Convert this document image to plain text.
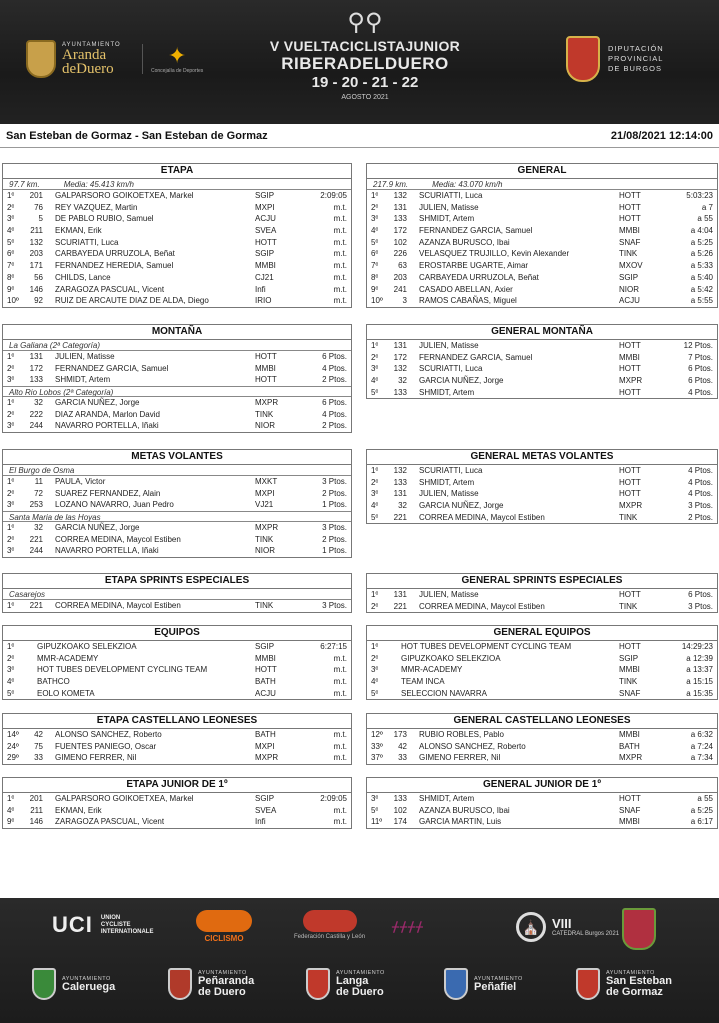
AYUNTAMIENTO
Aranda
deDuero
✦
Concejalía de Deportes
⚲⚲
V VUELTACICLISTAJUNIOR
RIBERADELDUERO
19 - 20 - 21 - 22
AGOSTO 2021
DIPUTACIÓN
PROVINCIAL
DE BURGOS
San Esteban de Gormaz - San Esteban de Gormaz	21/08/2021 12:14:00
ETAPA
97.7 km.	Media: 45.413 km/h
1º	201 GALPARSORO GOIKOETXEA, Markel	SGIP	2:09:05
2º	76 REY VAZQUEZ, Martin	MXPI	m.t.
3º	5 DE PABLO RUBIO, Samuel	ACJU	m.t.
4º	211 EKMAN, Erik	SVEA	m.t.
5º	132 SCURIATTI, Luca	HOTT	m.t.
6º	203 CARBAYEDA URRUZOLA, Beñat	SGIP	m.t.
7º	171 FERNANDEZ HEREDIA, Samuel	MMBI	m.t.
8º	56 CHILDS, Lance	CJ21	m.t.
9º	146 ZARAGOZA PASCUAL, Vicent	Infi	m.t.
10º	92 RUIZ DE ARCAUTE DIAZ DE ALDA, Diego	IRIO	m.t.
GENERAL
217.9 km.	Media: 43.070 km/h
1º	132 SCURIATTI, Luca	HOTT	5:03:23
2º	131 JULIEN, Matisse	HOTT	a 7
3º	133 SHMIDT, Artem	HOTT	a 55
4º	172 FERNANDEZ GARCIA, Samuel	MMBI	a 4:04
5º	102 AZANZA BURUSCO, Ibai	SNAF	a 5:25
6º	226 VELASQUEZ TRUJILLO, Kevin Alexander	TINK	a 5:26
7º	63 EROSTARBE UGARTE, Aimar	MXOV	a 5:33
8º	203 CARBAYEDA URRUZOLA, Beñat	SGIP	a 5:40
9º	241 CASADO ABELLAN, Axier	NIOR	a 5:42
10º	3 RAMOS CABAÑAS, Miguel	ACJU	a 5:55
MONTAÑA
La Galiana (2ª Categoría)
1º	131 JULIEN, Matisse	HOTT	6 Ptos.
2º	172 FERNANDEZ GARCIA, Samuel	MMBI	4 Ptos.
3º	133 SHMIDT, Artem	HOTT	2 Ptos.
Alto Rio Lobos (2ª Categoría)
1º	32 GARCIA NUÑEZ, Jorge	MXPR	6 Ptos.
2º	222 DIAZ ARANDA, Marlon David	TINK	4 Ptos.
3º	244 NAVARRO PORTELLA, Iñaki	NIOR	2 Ptos.
GENERAL MONTAÑA
1º	131 JULIEN, Matisse	HOTT	12 Ptos.
2º	172 FERNANDEZ GARCIA, Samuel	MMBI	7 Ptos.
3º	132 SCURIATTI, Luca	HOTT	6 Ptos.
4º	32 GARCIA NUÑEZ, Jorge	MXPR	6 Ptos.
5º	133 SHMIDT, Artem	HOTT	4 Ptos.
METAS VOLANTES
El Burgo de Osma
1º	11 PAULA, Victor	MXKT	3 Ptos.
2º	72 SUAREZ FERNANDEZ, Alain	MXPI	2 Ptos.
3º	253 LOZANO NAVARRO, Juan Pedro	VJ21	1 Ptos.
Santa Maria de las Hoyas
1º	32 GARCIA NUÑEZ, Jorge	MXPR	3 Ptos.
2º	221 CORREA MEDINA, Maycol Estiben	TINK	2 Ptos.
3º	244 NAVARRO PORTELLA, Iñaki	NIOR	1 Ptos.
GENERAL METAS VOLANTES
1º	132 SCURIATTI, Luca	HOTT	4 Ptos.
2º	133 SHMIDT, Artem	HOTT	4 Ptos.
3º	131 JULIEN, Matisse	HOTT	4 Ptos.
4º	32 GARCIA NUÑEZ, Jorge	MXPR	3 Ptos.
5º	221 CORREA MEDINA, Maycol Estiben	TINK	2 Ptos.
ETAPA SPRINTS ESPECIALES
Casarejos
1º	221 CORREA MEDINA, Maycol Estiben	TINK	3 Ptos.
GENERAL SPRINTS ESPECIALES
1º	131 JULIEN, Matisse	HOTT	6 Ptos.
2º	221 CORREA MEDINA, Maycol Estiben	TINK	3 Ptos.
EQUIPOS
1º	GIPUZKOAKO SELEKZIOA	SGIP	6:27:15
2º	MMR-ACADEMY	MMBI	m.t.
3º	HOT TUBES DEVELOPMENT CYCLING TEAM	HOTT	m.t.
4º	BATHCO	BATH	m.t.
5º	EOLO KOMETA	ACJU	m.t.
GENERAL EQUIPOS
1º	HOT TUBES DEVELOPMENT CYCLING TEAM	HOTT	14:29:23
2º	GIPUZKOAKO SELEKZIOA	SGIP	a 12:39
3º	MMR-ACADEMY	MMBI	a 13:37
4º	TEAM INCA	TINK	a 15:15
5º	SELECCION NAVARRA	SNAF	a 15:35
ETAPA CASTELLANO LEONESES
14º	42 ALONSO SANCHEZ, Roberto	BATH	m.t.
24º	75 FUENTES PANIEGO, Oscar	MXPI	m.t.
29º	33 GIMENO FERRER, Nil	MXPR	m.t.
GENERAL CASTELLANO LEONESES
12º	173 RUBIO ROBLES, Pablo	MMBI	a 6:32
33º	42 ALONSO SANCHEZ, Roberto	BATH	a 7:24
37º	33 GIMENO FERRER, Nil	MXPR	a 7:34
ETAPA JUNIOR DE 1º
1º	201 GALPARSORO GOIKOETXEA, Markel	SGIP	2:09:05
4º	211 EKMAN, Erik	SVEA	m.t.
9º	146 ZARAGOZA PASCUAL, Vicent	Infi	m.t.
GENERAL JUNIOR DE 1º
3º	133 SHMIDT, Artem	HOTT	a 55
5º	102 AZANZA BURUSCO, Ibai	SNAF	a 5:25
11º	174 GARCIA MARTIN, Luis	MMBI	a 6:17
UCI UNION
CYCLISTE
INTERNATIONALE
CICLISMO	Federación Castilla y León
ᚋᚋᚋᚋ	⛪ VIII
CATEDRAL Burgos 2021
AYUNTAMIENTO
Caleruega
AYUNTAMIENTO
Peñaranda
de Duero
AYUNTAMIENTO
Langa
de Duero
AYUNTAMIENTO
Peñafiel
AYUNTAMIENTO
San Esteban
de Gormaz
